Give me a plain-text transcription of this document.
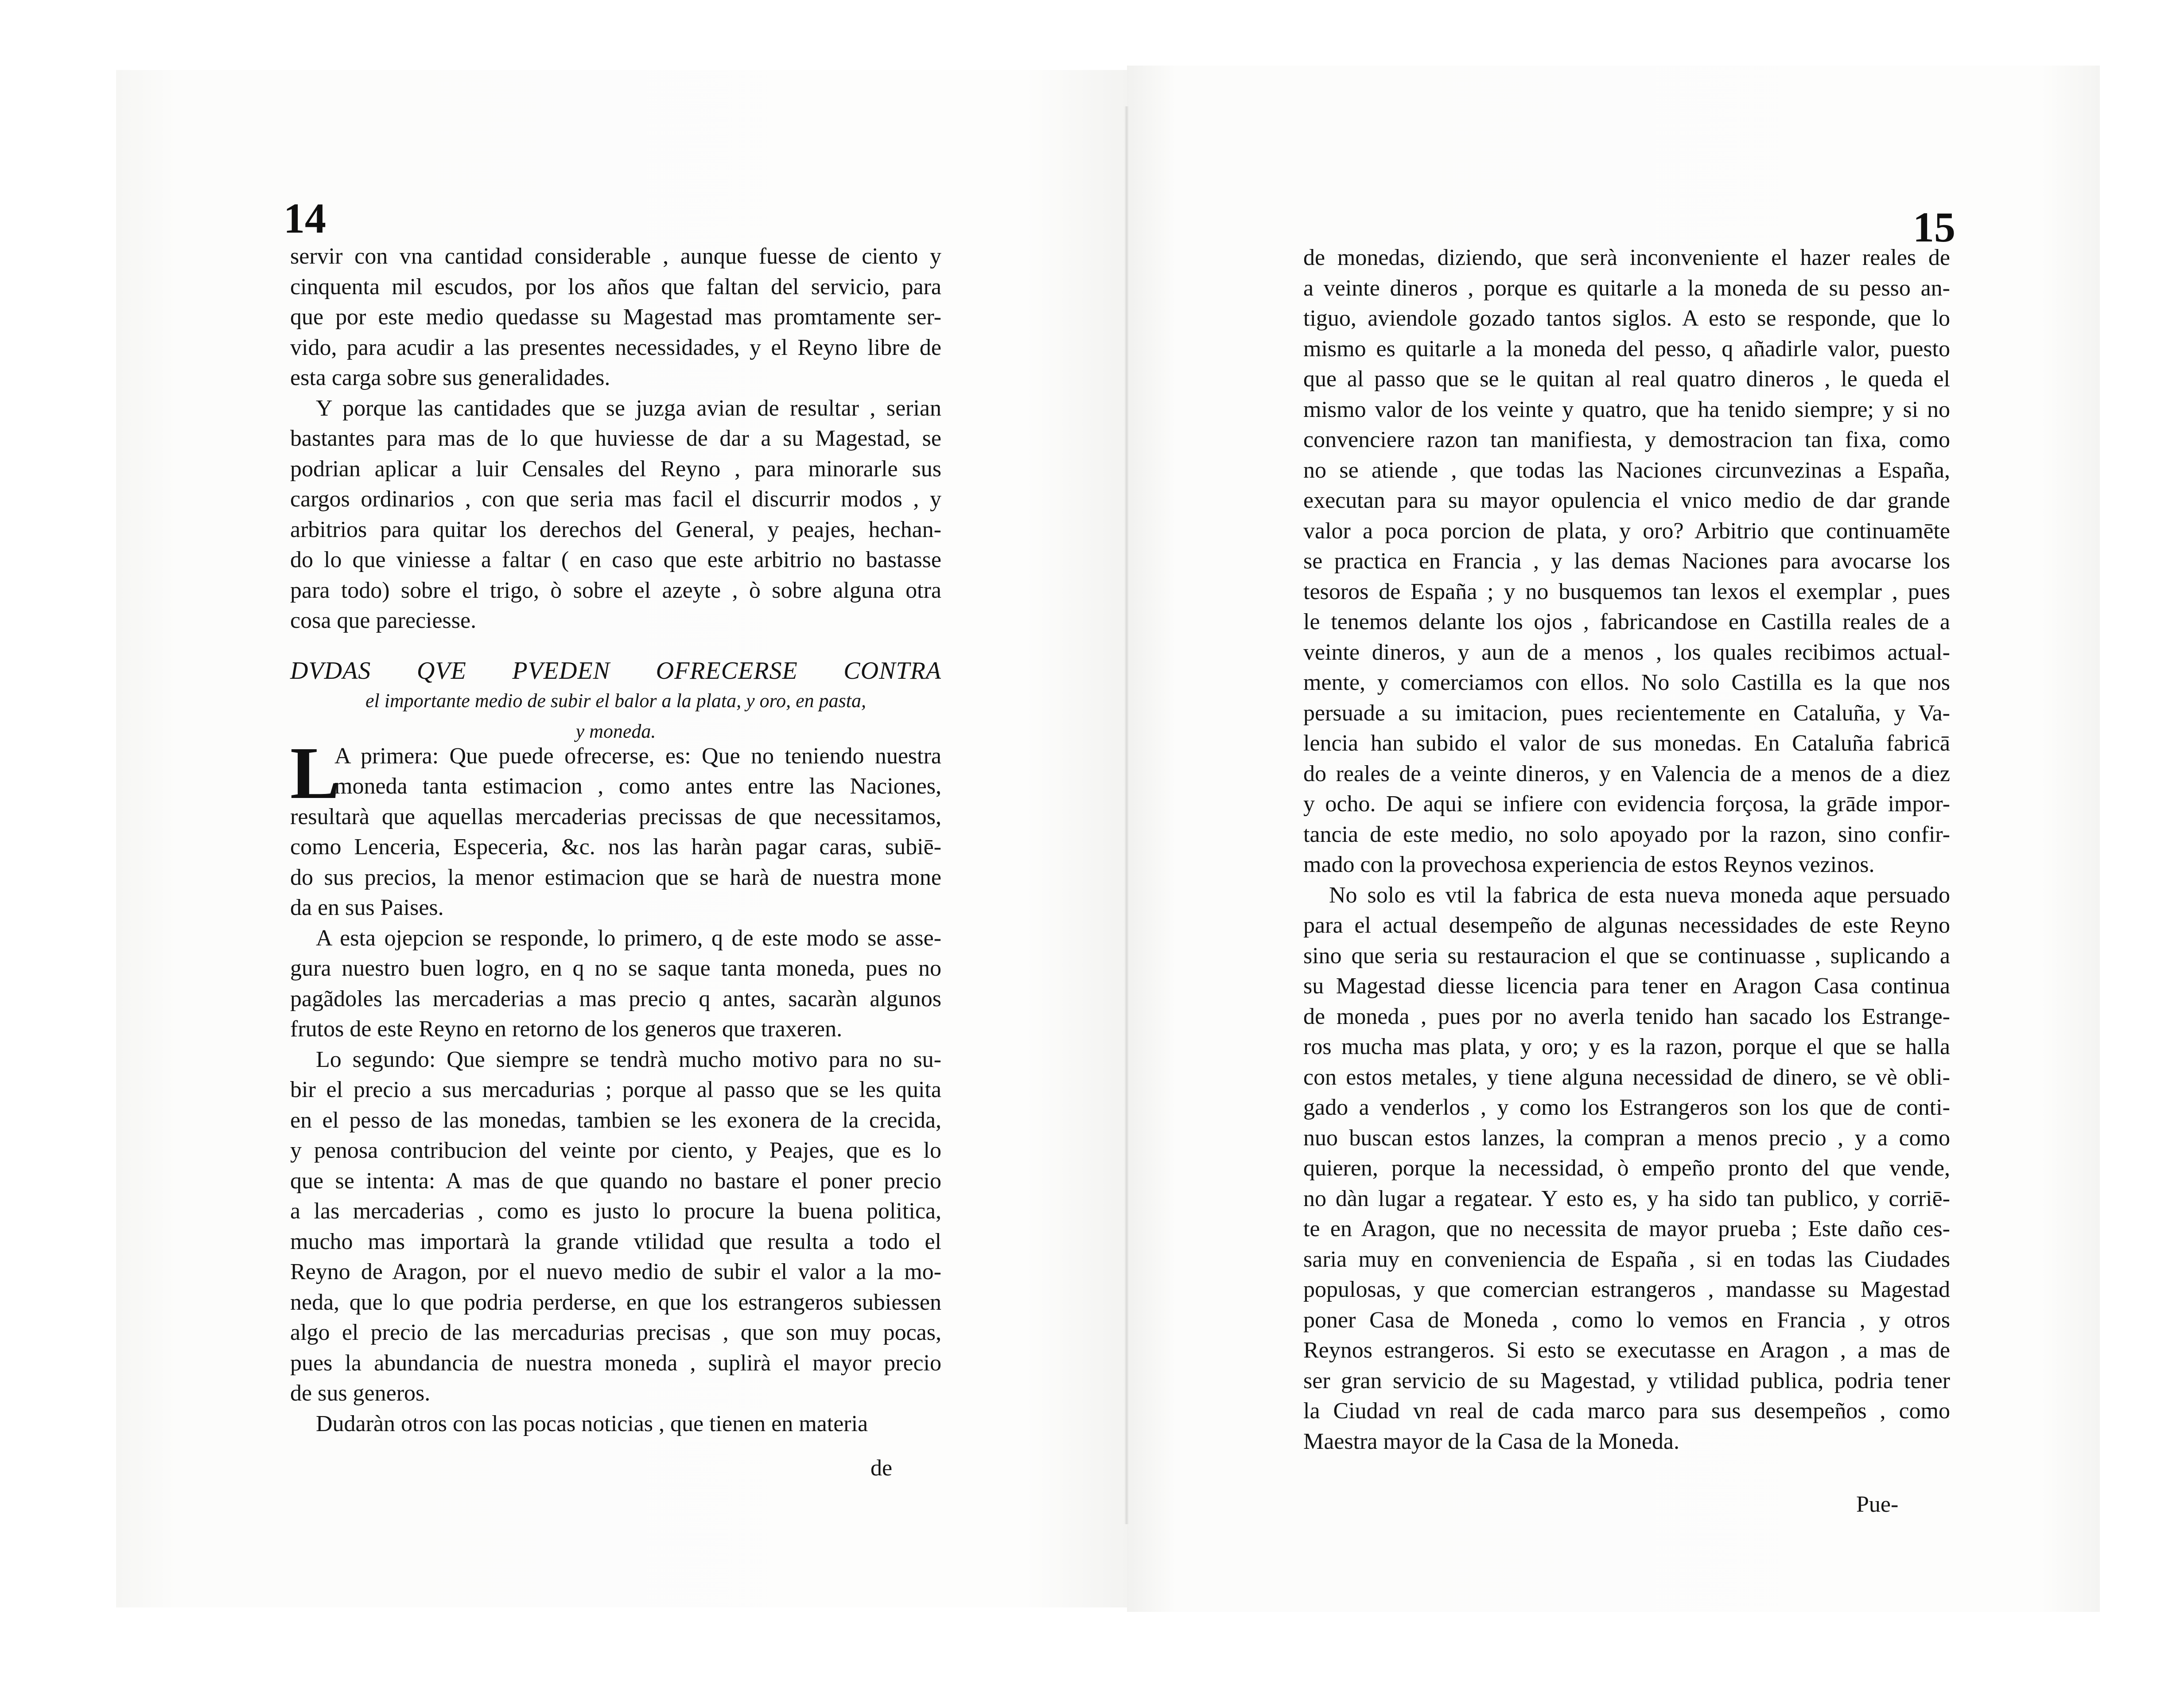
14	15
servir con vna cantidad considerable , aunque fuesse de ciento y
cinquenta mil escudos, por los años que faltan del servicio, para
que por este medio quedasse su Magestad mas promtamente ser-
vido, para acudir a las presentes necessidades, y el Reyno libre de
esta carga sobre sus generalidades.
Y porque las cantidades que se juzga avian de resultar , serian
bastantes para mas de lo que huviesse de dar a su Magestad, se
podrian aplicar a luir Censales del Reyno , para minorarle sus
cargos ordinarios , con que seria mas facil el discurrir modos , y
arbitrios para quitar los derechos del General, y peajes, hechan-
do lo que viniesse a faltar ( en caso que este arbitrio no bastasse
para todo) sobre el trigo, ò sobre el azeyte , ò sobre alguna otra
cosa que pareciesse.
DVDAS QVE PVEDEN OFRECERSE CONTRA
el importante medio de subir el balor a la plata, y oro, en pasta,
y moneda.
A primera: Que puede ofrecerse, es: Que no teniendo nuestra
moneda tanta estimacion , como antes entre las Naciones,
resultarà que aquellas mercaderias precissas de que necessitamos,
como Lenceria, Especeria, &c. nos las haràn pagar caras, subiē-
do sus precios, la menor estimacion que se harà de nuestra mone
da en sus Paises.
L
A esta ojepcion se responde, lo primero, q de este modo se asse-
gura nuestro buen logro, en q no se saque tanta moneda, pues no
pagãdoles las mercaderias a mas precio q antes, sacaràn algunos
frutos de este Reyno en retorno de los generos que traxeren.
Lo segundo: Que siempre se tendrà mucho motivo para no su-
bir el precio a sus mercadurias ; porque al passo que se les quita
en el pesso de las monedas, tambien se les exonera de la crecida,
y penosa contribucion del veinte por ciento, y Peajes, que es lo
que se intenta: A mas de que quando no bastare el poner precio
a las mercaderias , como es justo lo procure la buena politica,
mucho mas importarà la grande vtilidad que resulta a todo el
Reyno de Aragon, por el nuevo medio de subir el valor a la mo-
neda, que lo que podria perderse, en que los estrangeros subiessen
algo el precio de las mercadurias precisas , que son muy pocas,
pues la abundancia de nuestra moneda , suplirà el mayor precio
de sus generos.
Dudaràn otros con las pocas noticias , que tienen en materia
de monedas, diziendo, que serà inconveniente el hazer reales de
a veinte dineros , porque es quitarle a la moneda de su pesso an-
tiguo, aviendole gozado tantos siglos. A esto se responde, que lo
mismo es quitarle a la moneda del pesso, q añadirle valor, puesto
que al passo que se le quitan al real quatro dineros , le queda el
mismo valor de los veinte y quatro, que ha tenido siempre; y si no
convenciere razon tan manifiesta, y demostracion tan fixa, como
no se atiende , que todas las Naciones circunvezinas a España,
executan para su mayor opulencia el vnico medio de dar grande
valor a poca porcion de plata, y oro? Arbitrio que continuamēte
se practica en Francia , y las demas Naciones para avocarse los
tesoros de España ; y no busquemos tan lexos el exemplar , pues
le tenemos delante los ojos , fabricandose en Castilla reales de a
veinte dineros, y aun de a menos , los quales recibimos actual-
mente, y comerciamos con ellos. No solo Castilla es la que nos
persuade a su imitacion, pues recientemente en Cataluña, y Va-
lencia han subido el valor de sus monedas. En Cataluña fabricā
do reales de a veinte dineros, y en Valencia de a menos de a diez
y ocho. De aqui se infiere con evidencia forçosa, la grāde impor-
tancia de este medio, no solo apoyado por la razon, sino confir-
mado con la provechosa experiencia de estos Reynos vezinos.
No solo es vtil la fabrica de esta nueva moneda aque persuado
para el actual desempeño de algunas necessidades de este Reyno
sino que seria su restauracion el que se continuasse , suplicando a
su Magestad diesse licencia para tener en Aragon Casa continua
de moneda , pues por no averla tenido han sacado los Estrange-
ros mucha mas plata, y oro; y es la razon, porque el que se halla
con estos metales, y tiene alguna necessidad de dinero, se vè obli-
gado a venderlos , y como los Estrangeros son los que de conti-
nuo buscan estos lanzes, la compran a menos precio , y a como
quieren, porque la necessidad, ò empeño pronto del que vende,
no dàn lugar a regatear. Y esto es, y ha sido tan publico, y corriē-
te en Aragon, que no necessita de mayor prueba ; Este daño ces-
saria muy en conveniencia de España , si en todas las Ciudades
populosas, y que comercian estrangeros , mandasse su Magestad
poner Casa de Moneda , como lo vemos en Francia , y otros
Reynos estrangeros. Si esto se executasse en Aragon , a mas de
ser gran servicio de su Magestad, y vtilidad publica, podria tener
la Ciudad vn real de cada marco para sus desempeños , como
Maestra mayor de la Casa de la Moneda.
de
Pue-
